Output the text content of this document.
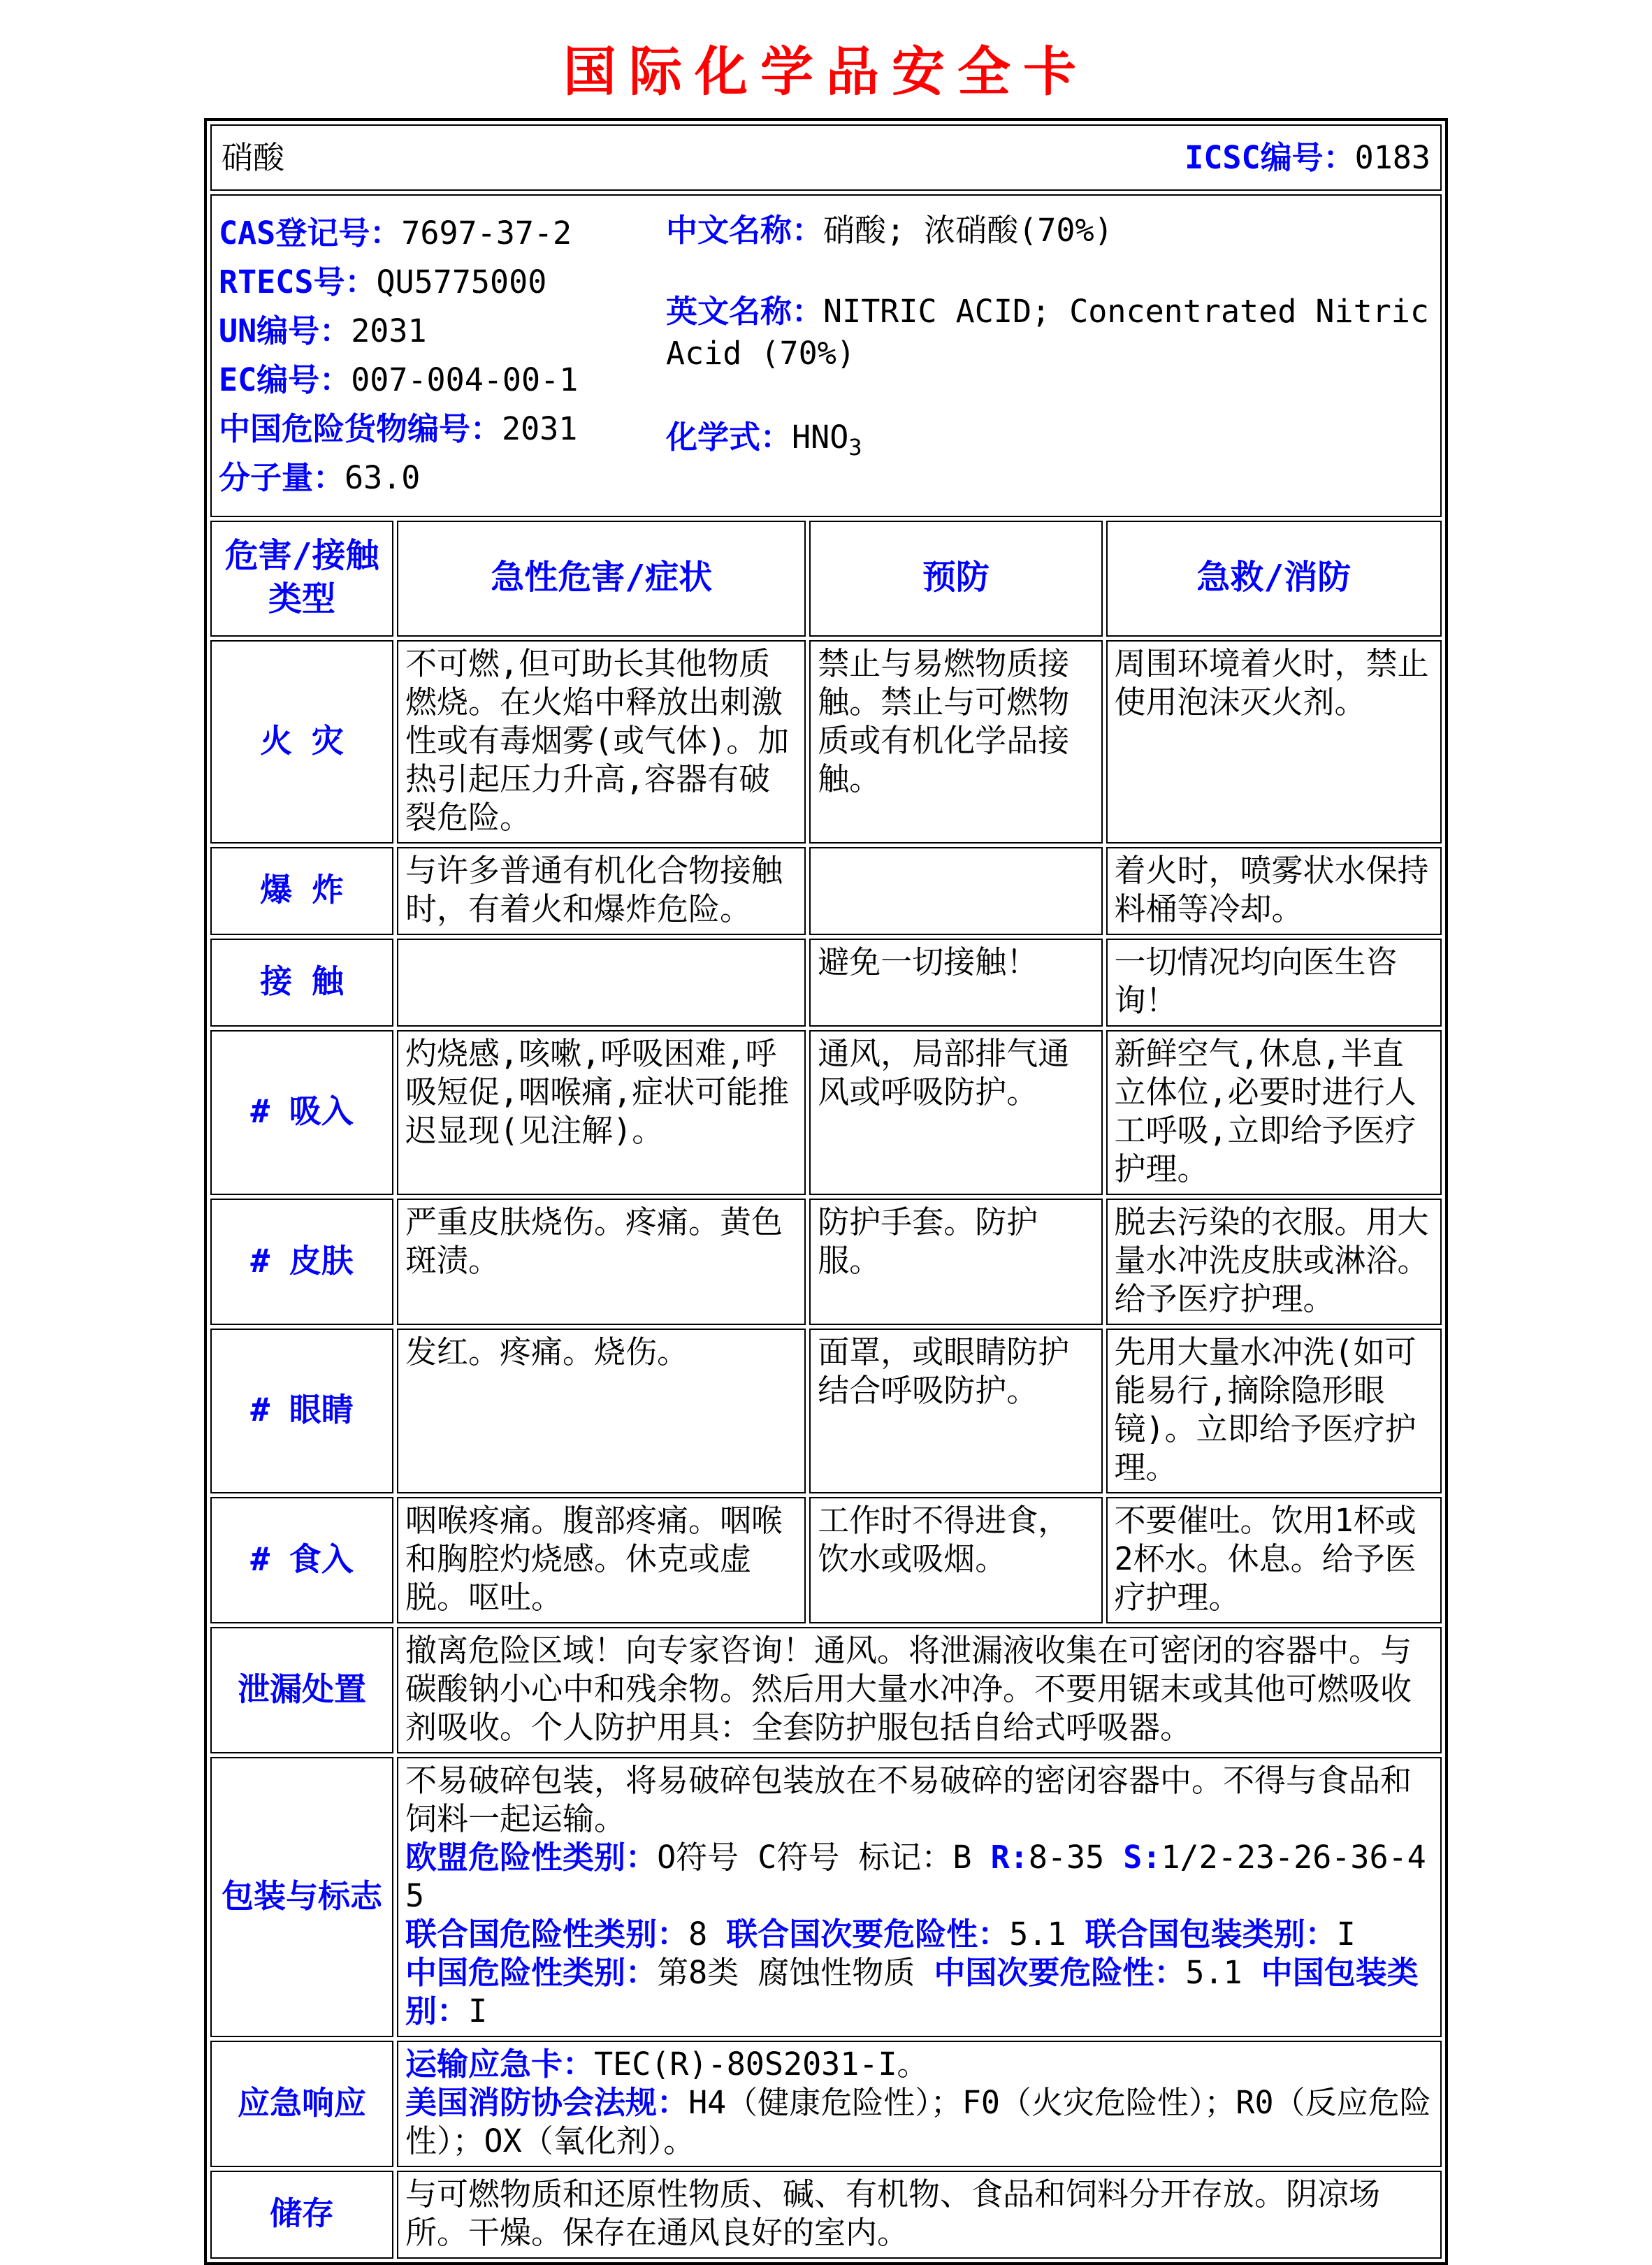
国际化学品安全卡
硝酸 ICSC编号：0183			

CAS登记号：7697-37-2
RTECS号：QU5775000
UN编号：2031
EC编号：007-004-00-1
中国危险货物编号：2031
分子量：63.0
中文名称：硝酸; 浓硝酸(70%)
英文名称：NITRIC ACID; Concentrated Nitric Acid (70%)
化学式：$HNO_3$

危害/接触
类型	急性危害/症状	预防	急救/消防
火 灾	不可燃,但可助长其他物质燃烧。在火焰中释放出刺激性或有毒烟雾(或气体)。加热引起压力升高,容器有破裂危险。	禁止与易燃物质接触。禁止与可燃物质或有机化学品接触。	周围环境着火时，禁止使用泡沫灭火剂。
爆 炸	与许多普通有机化合物接触时，有着火和爆炸危险。		着火时，喷雾状水保持料桶等冷却。
接 触		避免一切接触！	一切情况均向医生咨询！
# 吸入	灼烧感,咳嗽,呼吸困难,呼吸短促,咽喉痛,症状可能推迟显现(见注解)。	通风，局部排气通风或呼吸防护。	新鲜空气,休息,半直立体位,必要时进行人工呼吸,立即给予医疗护理。
# 皮肤	严重皮肤烧伤。疼痛。黄色斑渍。	防护手套。防护服。	脱去污染的衣服。用大量水冲洗皮肤或淋浴。给予医疗护理。
# 眼睛	发红。疼痛。烧伤。	面罩，或眼睛防护结合呼吸防护。	先用大量水冲洗(如可能易行,摘除隐形眼镜)。立即给予医疗护理。
# 食入	咽喉疼痛。腹部疼痛。咽喉和胸腔灼烧感。休克或虚脱。呕吐。	工作时不得进食，饮水或吸烟。	不要催吐。饮用1杯或2杯水。休息。给予医疗护理。
泄漏处置	撤离危险区域！向专家咨询！通风。将泄漏液收集在可密闭的容器中。与碳酸钠小心中和残余物。然后用大量水冲净。不要用锯末或其他可燃吸收剂吸收。个人防护用具：全套防护服包括自给式呼吸器。		
包装与标志	不易破碎包装，将易破碎包装放在不易破碎的密闭容器中。不得与食品和饲料一起运输。
欧盟危险性类别：O符号 C符号 标记：B R:8-35 S:1/2-23-26-36-45
联合国危险性类别：8 联合国次要危险性：5.1 联合国包装类别：I
中国危险性类别：第8类 腐蚀性物质 中国次要危险性：5.1 中国包装类别：I		
应急响应	运输应急卡：TEC(R)-80S2031-I。
美国消防协会法规：H4（健康危险性）；F0（火灾危险性）；R0（反应危险性）；OX（氧化剂）。		
储存	与可燃物质和还原性物质、碱、有机物、食品和饲料分开存放。阴凉场所。干燥。保存在通风良好的室内。		
